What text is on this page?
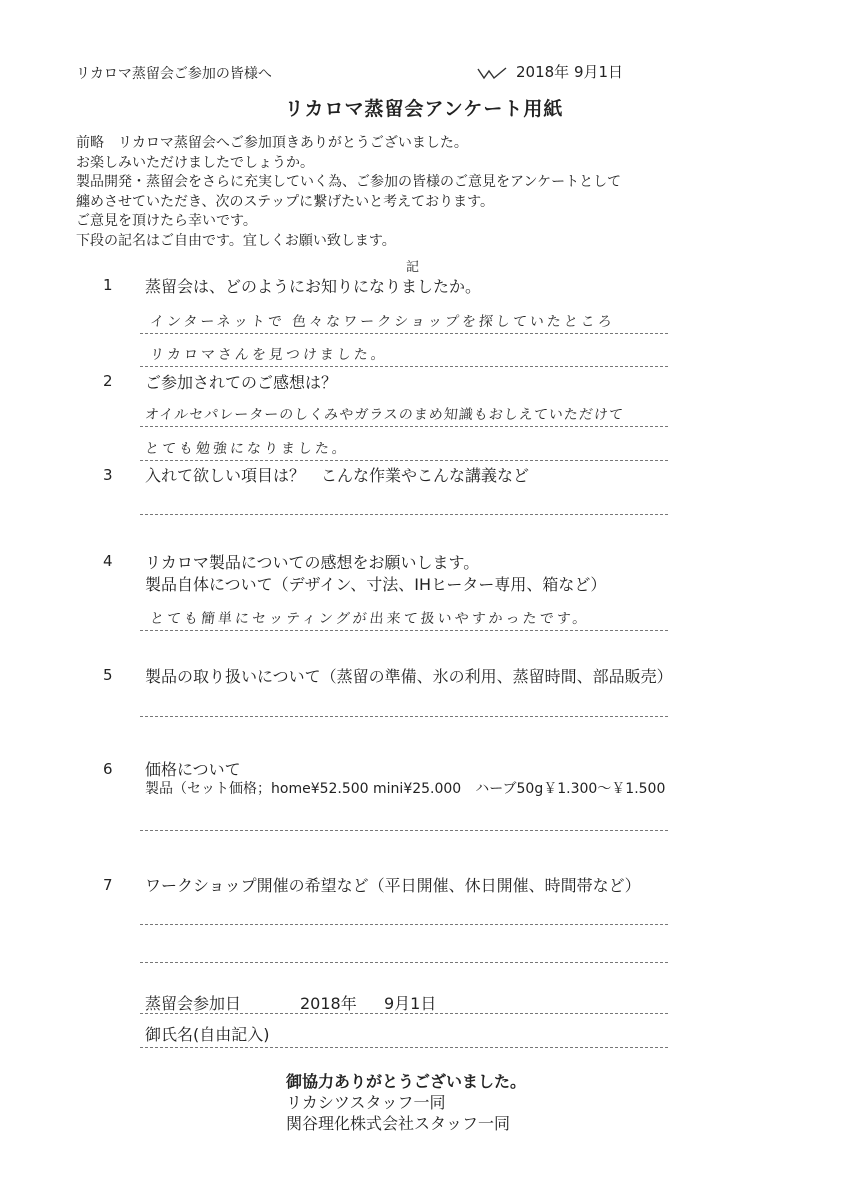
リカロマ蒸留会ご参加の皆様へ	2018年 9月1日
リカロマ蒸留会アンケート用紙
前略　リカロマ蒸留会へご参加頂きありがとうございました。
お楽しみいただけましたでしょうか。
製品開発・蒸留会をさらに充実していく為、ご参加の皆様のご意見をアンケートとして
纏めさせていただき、次のステップに繋げたいと考えております。
ご意見を頂けたら幸いです。
下段の記名はご自由です。宜しくお願い致します。
記
1 蒸留会は、どのようにお知りになりましたか。
インターネットで 色々なワークショップを探していたところ
リカロマさんを見つけました。
2 ご参加されてのご感想は？
オイルセパレーターのしくみやガラスのまめ知識もおしえていただけて
とても勉強になりました。
3 入れて欲しい項目は？　こんな作業やこんな講義など
4 リカロマ製品についての感想をお願いします。
製品自体について（デザイン、寸法、IHヒーター専用、箱など）
とても簡単にセッティングが出来て扱いやすかったです。
5 製品の取り扱いについて（蒸留の準備、氷の利用、蒸留時間、部品販売）
6 価格について
製品（セット価格；home¥52.500 mini¥25.000　ハーブ50g￥1.300～￥1.500
7 ワークショップ開催の希望など（平日開催、休日開催、時間帯など）
蒸留会参加日	2018年 9月1日
御氏名(自由記入)
御協力ありがとうございました。
リカシツスタッフ一同
関谷理化株式会社スタッフ一同
